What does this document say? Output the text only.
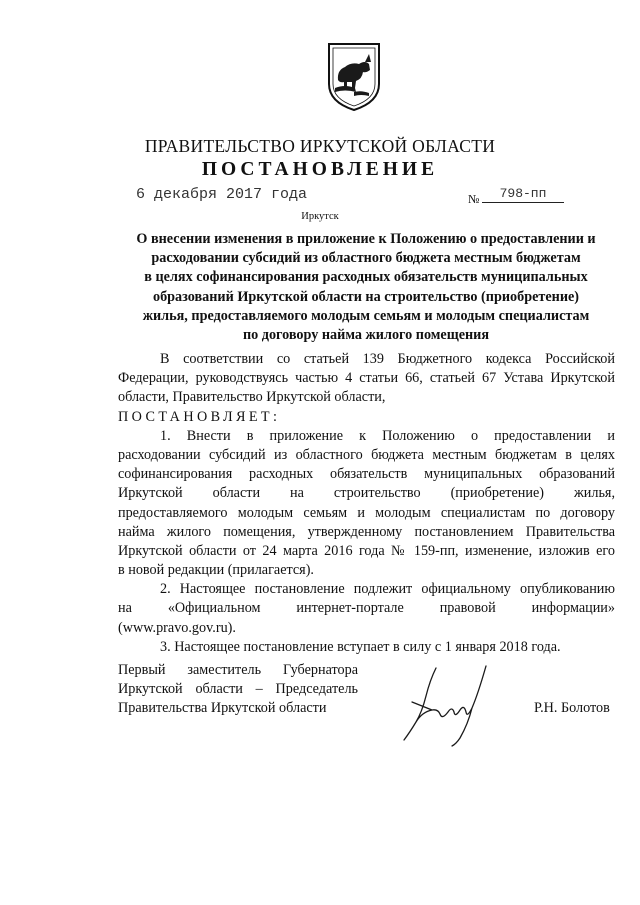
ПРАВИТЕЛЬСТВО ИРКУТСКОЙ ОБЛАСТИ
ПОСТАНОВЛЕНИЕ
6 декабря 2017 года	№	798-пп
Иркутск
О внесении изменения в приложение к Положению о предоставлении и
расходовании субсидий из областного бюджета местным бюджетам
в целях софинансирования расходных обязательств муниципальных
образований Иркутской области на строительство (приобретение)
жилья, предоставляемого молодым семьям и молодым специалистам
по договору найма жилого помещения
В соответствии со статьей 139 Бюджетного кодекса Российской
Федерации, руководствуясь частью 4 статьи 66, статьей 67 Устава Иркутской
области, Правительство Иркутской области,
ПОСТАНОВЛЯЕТ:
1. Внести в приложение к Положению о предоставлении и
расходовании субсидий из областного бюджета местным бюджетам в целях
софинансирования расходных обязательств муниципальных образований
Иркутской области на строительство (приобретение) жилья,
предоставляемого молодым семьям и молодым специалистам по договору
найма жилого помещения, утвержденному постановлением Правительства
Иркутской области от 24 марта 2016 года № 159-пп, изменение, изложив его
в новой редакции (прилагается).
2. Настоящее постановление подлежит официальному опубликованию
на «Официальном интернет-портале правовой информации»
(www.pravo.gov.ru).
3. Настоящее постановление вступает в силу с 1 января 2018 года.
Первый заместитель Губернатора
Иркутской области – Председатель
Правительства Иркутской области	Р.Н. Болотов
